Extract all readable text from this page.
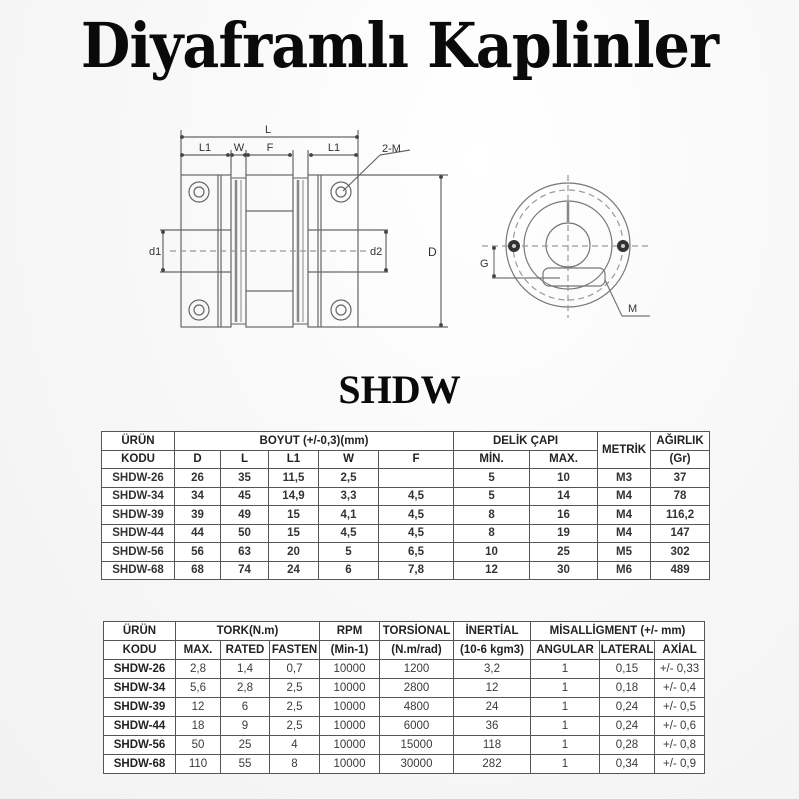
Diyaframlı Kaplinler
L
L1 W F	L1	2-M
d1	d2	D
G
M
SHDW
ÜRÜN	BOYUT (+/-0,3)(mm)					DELİK ÇAPI		METRİK	AĞIRLIK
KODU	D	L	L1	W	F	MİN.	MAX.		(Gr)
SHDW-26	26	35	11,5	2,5		5	10	M3	37
SHDW-34	34	45	14,9	3,3	4,5	5	14	M4	78
SHDW-39	39	49	15	4,1	4,5	8	16	M4	116,2
SHDW-44	44	50	15	4,5	4,5	8	19	M4	147
SHDW-56	56	63	20	5	6,5	10	25	M5	302
SHDW-68	68	74	24	6	7,8	12	30	M6	489
ÜRÜN	TORK(N.m)			RPM	TORSİONAL	İNERTİAL	MİSALLİGMENT (+/- mm)		
KODU	MAX.	RATED	FASTEN	(Min-1)	(N.m/rad)	(10-6 kgm3)	ANGULAR	LATERAL	AXİAL
SHDW-26	2,8	1,4	0,7	10000	1200	3,2	1	0,15	+/- 0,33
SHDW-34	5,6	2,8	2,5	10000	2800	12	1	0,18	+/- 0,4
SHDW-39	12	6	2,5	10000	4800	24	1	0,24	+/- 0,5
SHDW-44	18	9	2,5	10000	6000	36	1	0,24	+/- 0,6
SHDW-56	50	25	4	10000	15000	118	1	0,28	+/- 0,8
SHDW-68	110	55	8	10000	30000	282	1	0,34	+/- 0,9
